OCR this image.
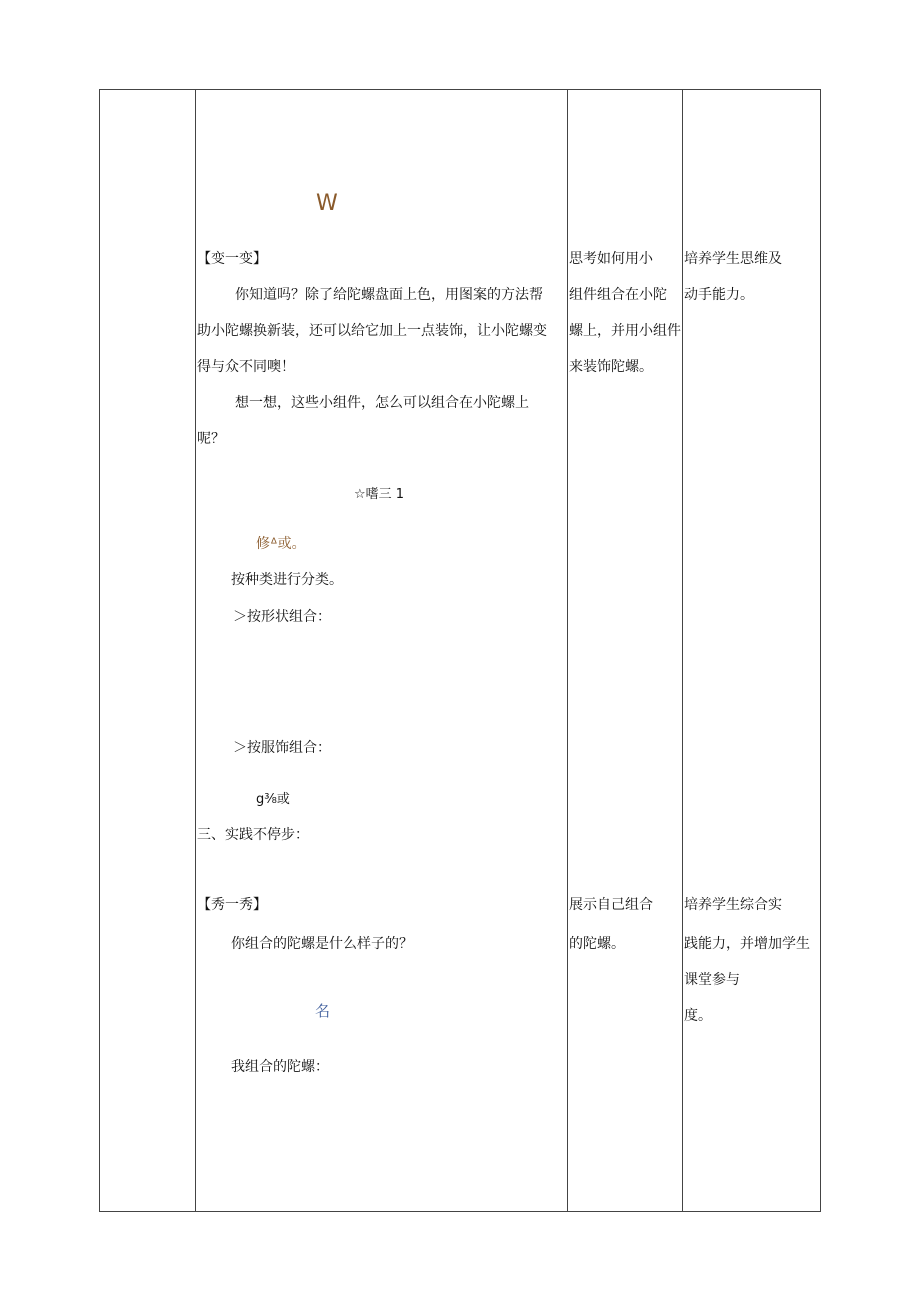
W
【变一变】
你知道吗？除了给陀螺盘面上色，用图案的方法帮
助小陀螺换新装，还可以给它加上一点装饰，让小陀螺变
得与众不同噢！
想一想，这些小组件，怎么可以组合在小陀螺上
呢？
☆嗜三 1
修ᐞ或。
按种类进行分类。
＞按形状组合：
＞按服饰组合：
g⅜或
三、实践不停步：
【秀一秀】
你组合的陀螺是什么样子的？
名
我组合的陀螺：
思考如何用小
组件组合在小陀
螺上，并用小组件
来装饰陀螺。
展示自己组合
的陀螺。
培养学生思维及
动手能力。
培养学生综合实
践能力，并增加学生
课堂参与
度。
